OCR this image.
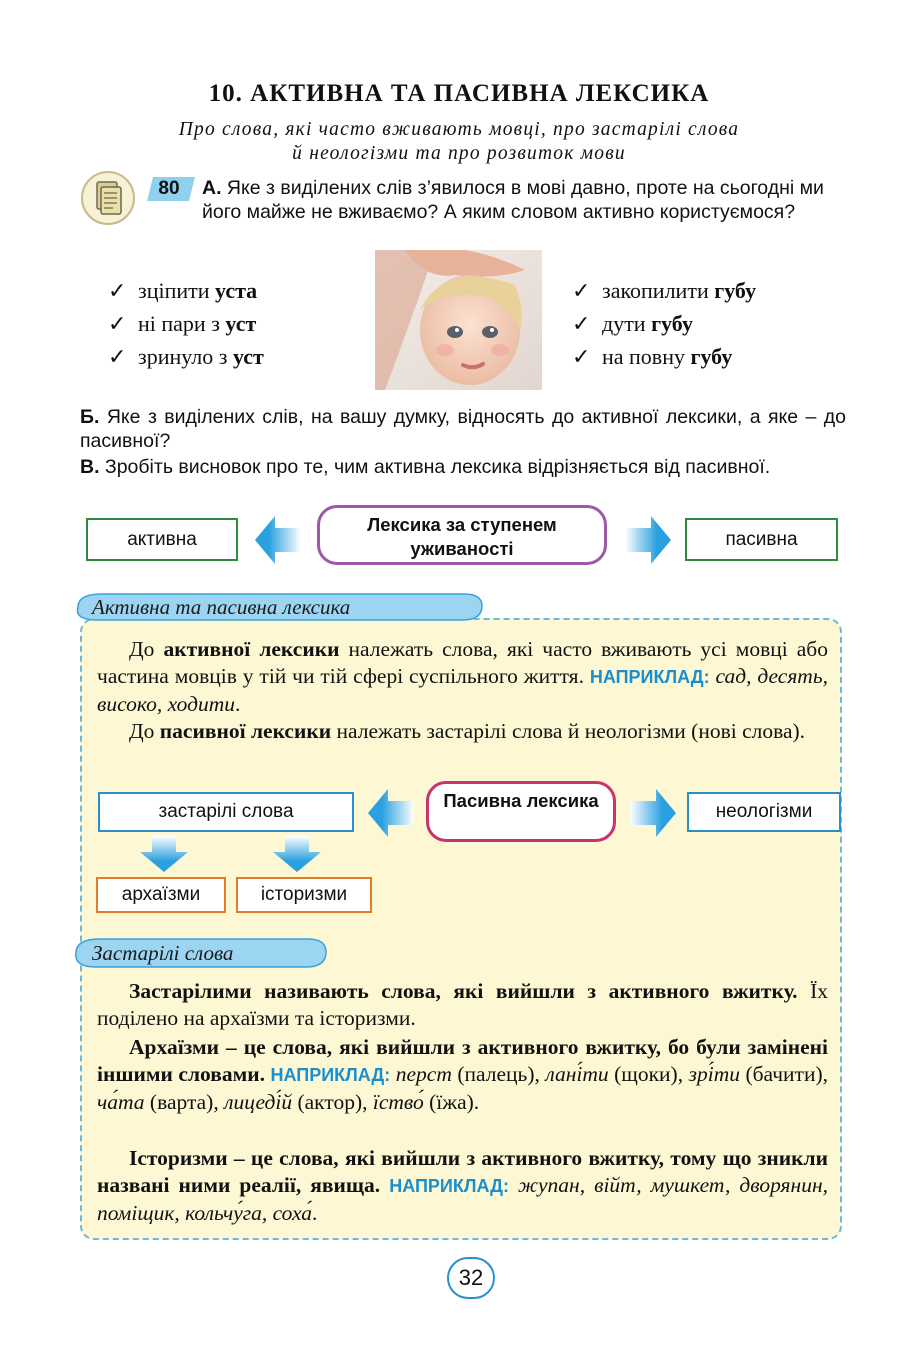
10. АКТИВНА ТА ПАСИВНА ЛЕКСИКА
Про слова, які часто вживають мовці, про застарілі слова
й неологізми та про розвиток мови
80	А. Яке з виділених слів з’явилося в мові давно, проте на сьогодні ми його майже не вживаємо? А яким словом активно користуємося?
✓ зціпити уста
✓ ні пари з уст
✓ зринуло з уст
✓ закопилити губу
✓ дути губу
✓ на повну губу
Б. Яке з виділених слів, на вашу думку, відносять до активної лексики, а яке – до пасивної?
В. Зробіть висновок про те, чим активна лексика відрізняється від пасивної.
активна
Лексика за ступенем уживаності	пасивна
Активна та пасивна лексика
До активної лексики належать слова, які часто вживають усі мовці або частина мовців у тій чи тій сфері суспільного життя. НАПРИКЛАД: сад, десять, високо, ходити.
До пасивної лексики належать застарілі слова й неологізми (нові слова).
застарілі слова
Пасивна лексика
неологізми
архаїзми	історизми
Застарілі слова
Застарілими називають слова, які вийшли з активного вжитку. Їх поділено на архаїзми та історизми.
Архаїзми – це слова, які вийшли з активного вжитку, бо були замінені іншими словами. НАПРИКЛАД: перст (палець), лані́ти (щоки), зрі́ти (бачити), ча́та (варта), лицеді́й (актор), їство́ (їжа).
Історизми – це слова, які вийшли з активного вжитку, тому що зникли названі ними реалії, явища. НАПРИКЛАД: жупан, війт, мушкет, дворянин, поміщик, кольчу́га, соха́.
32
